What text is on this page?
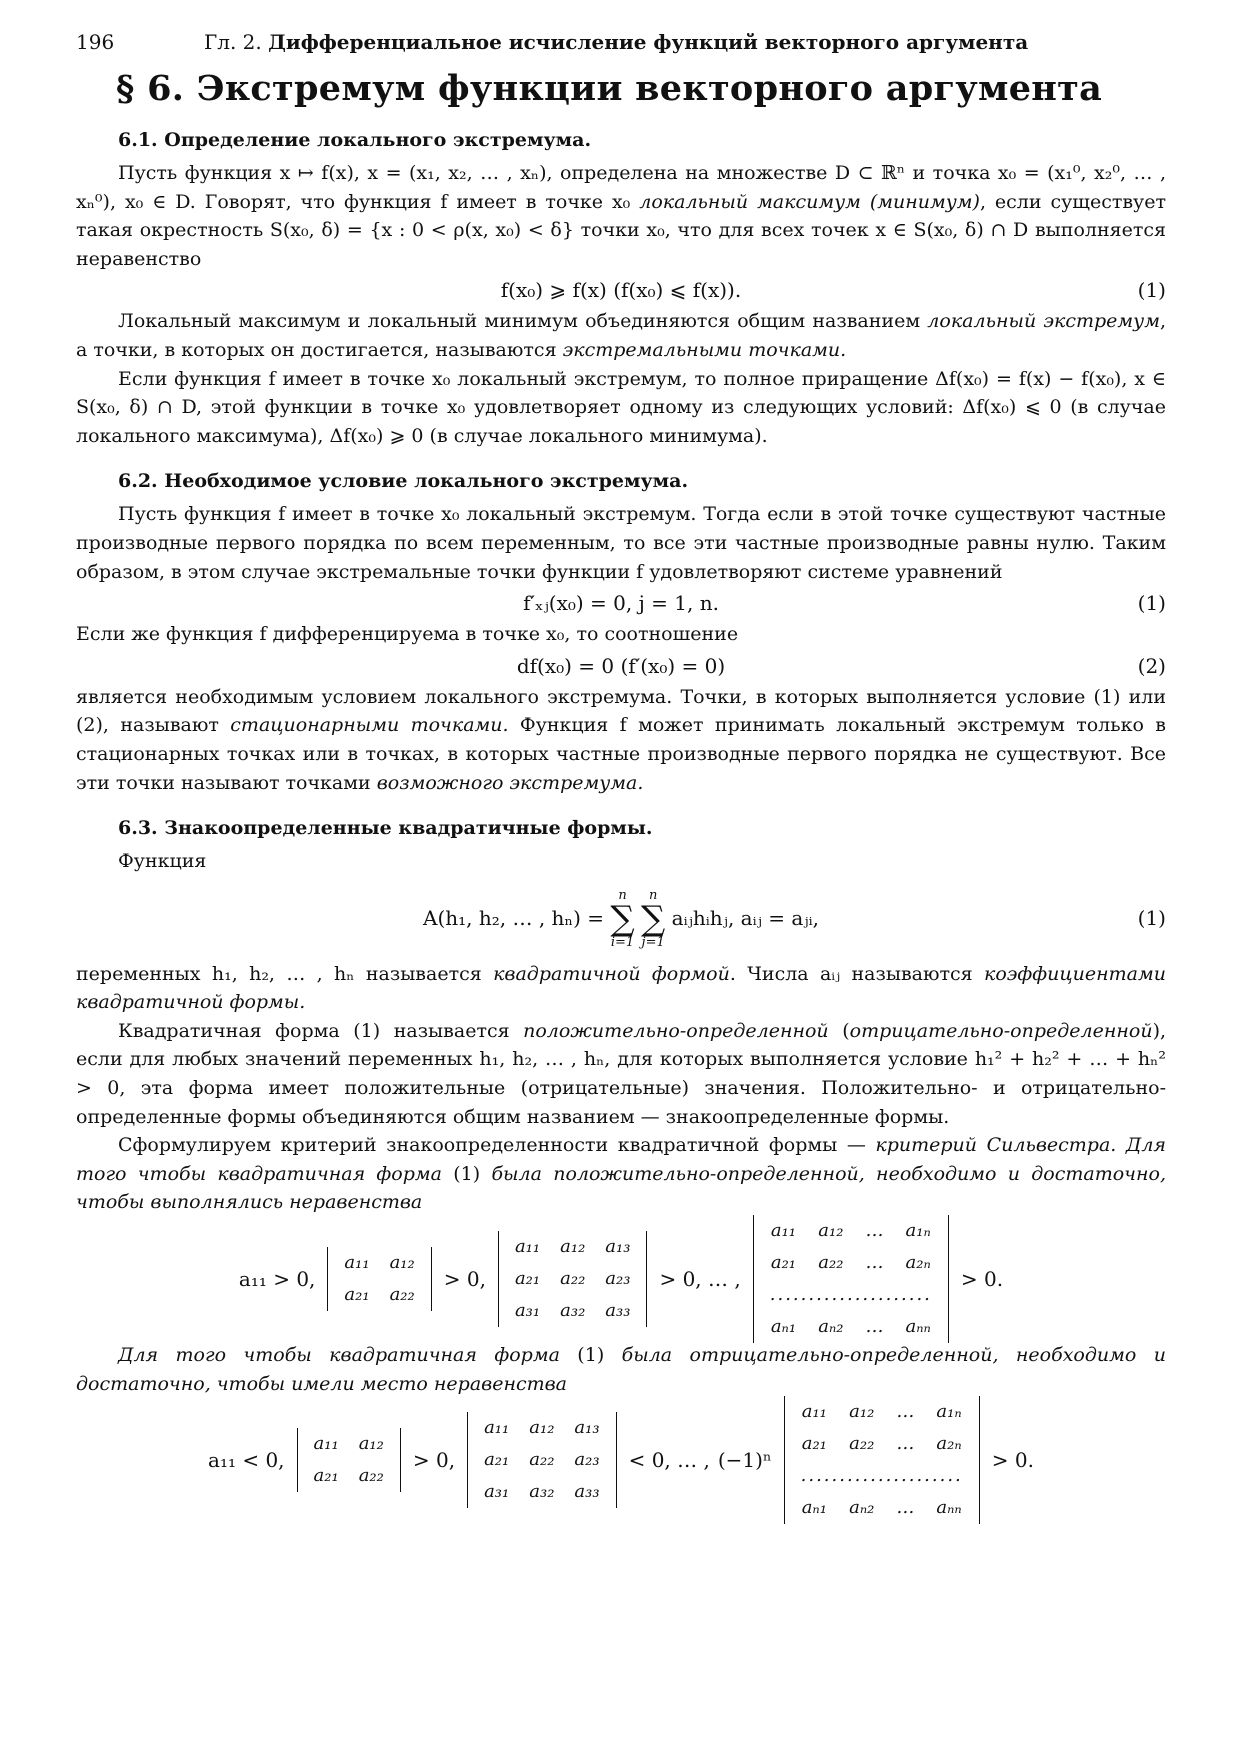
196	Гл. 2. Дифференциальное исчисление функций векторного аргумента
§ 6. Экстремум функции векторного аргумента
6.1. Определение локального экстремума.

Пусть функция x ↦ f(x), x = (x₁, x₂, … , xₙ), определена на множестве D ⊂ ℝⁿ и точка x₀ = (x₁⁰, x₂⁰, … , xₙ⁰), x₀ ∈ D. Говорят, что функция f имеет в точке x₀ локальный максимум (минимум), если существует такая окрестность S(x₀, δ) = {x : 0 < ρ(x, x₀) < δ} точки x₀, что для всех точек x ∈ S(x₀, δ) ∩ D выполняется неравенство

f(x₀) ⩾ f(x) (f(x₀) ⩽ f(x)).	(1)

Локальный максимум и локальный минимум объединяются общим названием локальный экстремум, а точки, в которых он достигается, называются экстремальными точками.

Если функция f имеет в точке x₀ локальный экстремум, то полное приращение Δf(x₀) = f(x) − f(x₀), x ∈ S(x₀, δ) ∩ D, этой функции в точке x₀ удовлетворяет одному из следующих условий: Δf(x₀) ⩽ 0 (в случае локального максимума), Δf(x₀) ⩾ 0 (в случае локального минимума).

6.2. Необходимое условие локального экстремума.

Пусть функция f имеет в точке x₀ локальный экстремум. Тогда если в этой точке существуют частные производные первого порядка по всем переменным, то все эти частные производные равны нулю. Таким образом, в этом случае экстремальные точки функции f удовлетворяют системе уравнений

f′ₓⱼ(x₀) = 0, j = 1, n.	(1)

Если же функция f дифференцируема в точке x₀, то соотношение

df(x₀) = 0 (f′(x₀) = 0)	(2)

является необходимым условием локального экстремума. Точки, в которых выполняется условие (1) или (2), называют стационарными точками. Функция f может принимать локальный экстремум только в стационарных точках или в точках, в которых частные производные первого порядка не существуют. Все эти точки называют точками возможного экстремума.

6.3. Знакоопределенные квадратичные формы.

Функция

A(h₁, h₂, … , hₙ) =
n
∑
i=1

n
∑
j=1
aᵢⱼhᵢhⱼ, aᵢⱼ = aⱼᵢ,	(1)

переменных h₁, h₂, … , hₙ называется квадратичной формой. Числа aᵢⱼ называются коэффициентами квадратичной формы.

Квадратичная форма (1) называется положительно-определенной (отрицательно-определенной), если для любых значений переменных h₁, h₂, … , hₙ, для которых выполняется условие h₁² + h₂² + … + hₙ² > 0, эта форма имеет положительные (отрицательные) значения. Положительно- и отрицательно-определенные формы объединяются общим названием — знакоопределенные формы.

Сформулируем критерий знакоопределенности квадратичной формы — критерий Сильвестра. Для того чтобы квадратичная форма (1) была положительно-определенной, необходимо и достаточно, чтобы выполнялись неравенства

a₁₁ > 0,
a₁₁	a₁₂
a₂₁	a₂₂
> 0,
a₁₁	a₁₂	a₁₃
a₂₁	a₂₂	a₂₃
a₃₁	a₃₂	a₃₃
> 0, … ,
a₁₁	a₁₂	…	a₁ₙ
a₂₁	a₂₂	…	a₂ₙ
.....................			
aₙ₁	aₙ₂	…	aₙₙ
> 0.

Для того чтобы квадратичная форма (1) была отрицательно-определенной, необходимо и достаточно, чтобы имели место неравенства

a₁₁ < 0,
a₁₁	a₁₂
a₂₁	a₂₂
> 0,
a₁₁	a₁₂	a₁₃
a₂₁	a₂₂	a₂₃
a₃₁	a₃₂	a₃₃
< 0, … , (−1)ⁿ
a₁₁	a₁₂	…	a₁ₙ
a₂₁	a₂₂	…	a₂ₙ
.....................			
aₙ₁	aₙ₂	…	aₙₙ
> 0.
